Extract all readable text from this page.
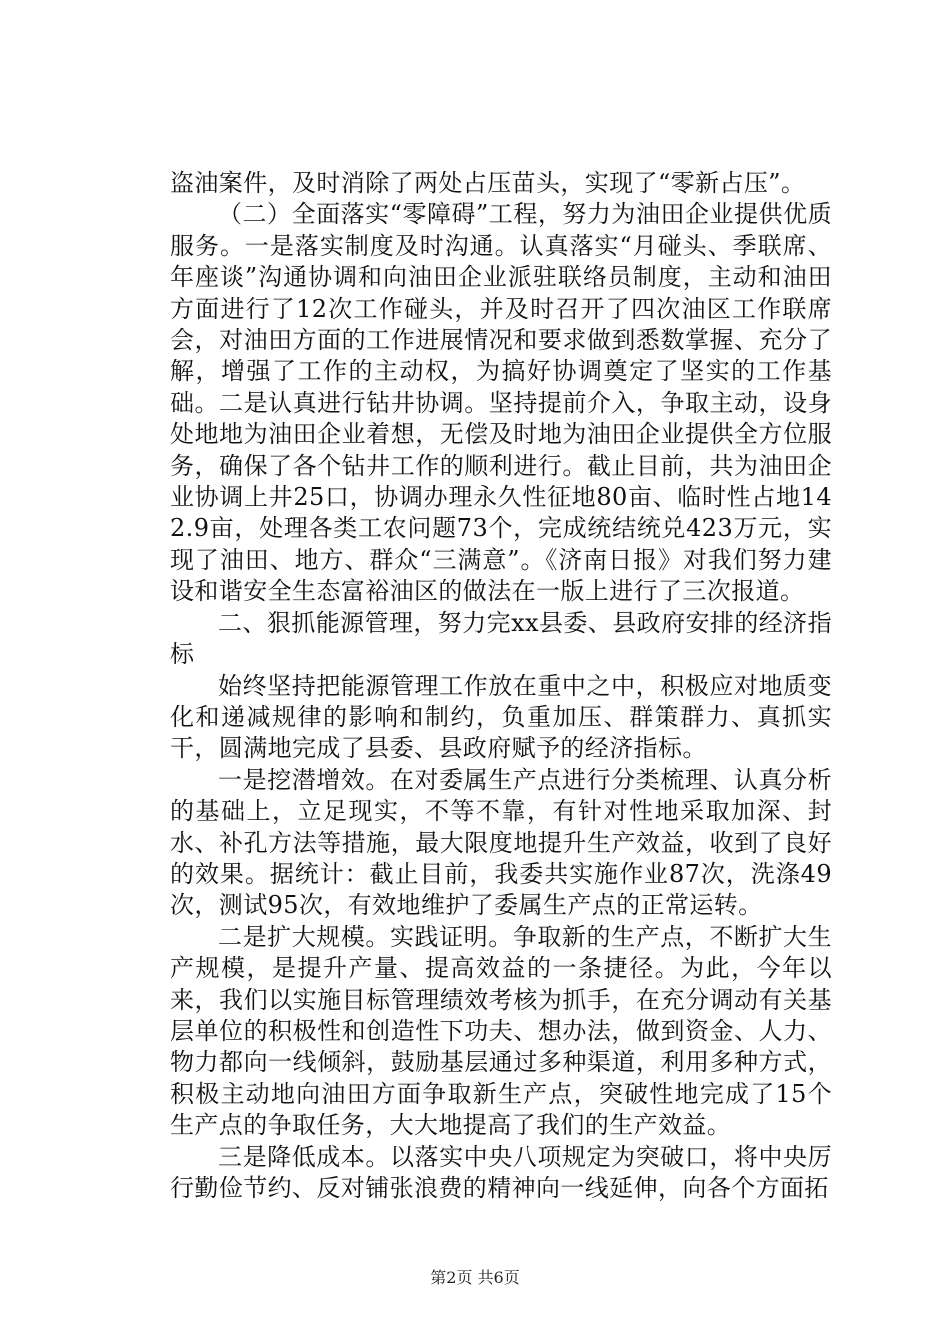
盗油案件，及时消除了两处占压苗头，实现了“零新占压”。

（二）全面落实“零障碍”工程，努力为油田企业提供优质服务。一是落实制度及时沟通。认真落实“月碰头、季联席、年座谈”沟通协调和向油田企业派驻联络员制度，主动和油田方面进行了12次工作碰头，并及时召开了四次油区工作联席会，对油田方面的工作进展情况和要求做到悉数掌握、充分了解，增强了工作的主动权，为搞好协调奠定了坚实的工作基础。二是认真进行钻井协调。坚持提前介入，争取主动，设身处地地为油田企业着想，无偿及时地为油田企业提供全方位服务，确保了各个钻井工作的顺利进行。截止目前，共为油田企业协调上井25口，协调办理永久性征地80亩、临时性占地142.9亩，处理各类工农问题73个，完成统结统兑423万元，实现了油田、地方、群众“三满意”。《济南日报》对我们努力建设和谐安全生态富裕油区的做法在一版上进行了三次报道。

二、狠抓能源管理，努力完xx县委、县政府安排的经济指标

始终坚持把能源管理工作放在重中之中，积极应对地质变化和递减规律的影响和制约，负重加压、群策群力、真抓实干，圆满地完成了县委、县政府赋予的经济指标。

一是挖潜增效。在对委属生产点进行分类梳理、认真分析的基础上，立足现实，不等不靠，有针对性地采取加深、封水、补孔方法等措施，最大限度地提升生产效益，收到了良好的效果。据统计：截止目前，我委共实施作业87次，洗涤49次，测试95次，有效地维护了委属生产点的正常运转。

二是扩大规模。实践证明。争取新的生产点，不断扩大生产规模，是提升产量、提高效益的一条捷径。为此，今年以来，我们以实施目标管理绩效考核为抓手，在充分调动有关基层单位的积极性和创造性下功夫、想办法，做到资金、人力、物力都向一线倾斜，鼓励基层通过多种渠道，利用多种方式，积极主动地向油田方面争取新生产点，突破性地完成了15个生产点的争取任务，大大地提高了我们的生产效益。

三是降低成本。以落实中央八项规定为突破口，将中央厉行勤俭节约、反对铺张浪费的精神向一线延伸，向各个方面拓

第2页 共6页
